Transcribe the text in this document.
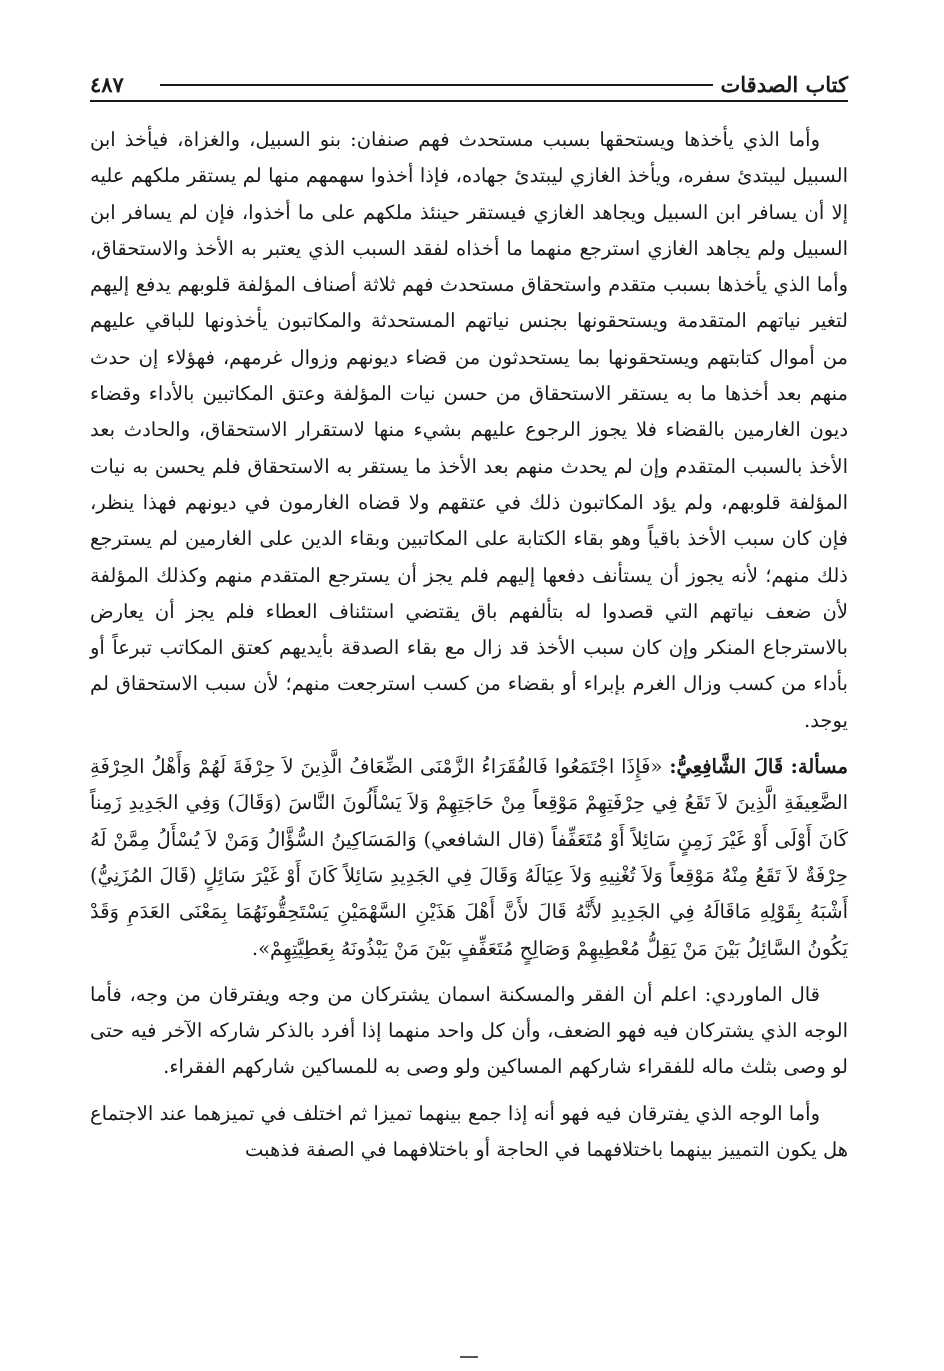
كتاب الصدقات
٤٨٧

وأما الذي يأخذها ويستحقها بسبب مستحدث فهم صنفان: بنو السبيل، والغزاة، فيأخذ ابن السبيل ليبتدئ سفره، ويأخذ الغازي ليبتدئ جهاده، فإذا أخذوا سهمهم منها لم يستقر ملكهم عليه إلا أن يسافر ابن السبيل ويجاهد الغازي فيستقر حينئذ ملكهم على ما أخذوا، فإن لم يسافر ابن السبيل ولم يجاهد الغازي استرجع منهما ما أخذاه لفقد السبب الذي يعتبر به الأخذ والاستحقاق، وأما الذي يأخذها بسبب متقدم واستحقاق مستحدث فهم ثلاثة أصناف المؤلفة قلوبهم يدفع إليهم لتغير نياتهم المتقدمة ويستحقونها بجنس نياتهم المستحدثة والمكاتبون يأخذونها للباقي عليهم من أموال كتابتهم ويستحقونها بما يستحدثون من قضاء ديونهم وزوال غرمهم، فهؤلاء إن حدث منهم بعد أخذها ما به يستقر الاستحقاق من حسن نيات المؤلفة وعتق المكاتبين بالأداء وقضاء ديون الغارمين بالقضاء فلا يجوز الرجوع عليهم بشيء منها لاستقرار الاستحقاق، والحادث بعد الأخذ بالسبب المتقدم وإن لم يحدث منهم بعد الأخذ ما يستقر به الاستحقاق فلم يحسن به نيات المؤلفة قلوبهم، ولم يؤد المكاتبون ذلك في عتقهم ولا قضاه الغارمون في ديونهم فهذا ينظر، فإن كان سبب الأخذ باقياً وهو بقاء الكتابة على المكاتبين وبقاء الدين على الغارمين لم يسترجع ذلك منهم؛ لأنه يجوز أن يستأنف دفعها إليهم فلم يجز أن يسترجع المتقدم منهم وكذلك المؤلفة لأن ضعف نياتهم التي قصدوا له بتألفهم باق يقتضي استئناف العطاء فلم يجز أن يعارض بالاسترجاع المنكر وإن كان سبب الأخذ قد زال مع بقاء الصدقة بأيديهم كعتق المكاتب تبرعاً أو بأداء من كسب وزال الغرم بإبراء أو بقضاء من كسب استرجعت منهم؛ لأن سبب الاستحقاق لم يوجد.

مسألة: قَالَ الشَّافِعِيُّ: «فَإِذَا اجْتَمَعُوا فَالفُقَرَاءُ الزَّمْنَى الضِّعَافُ الَّذِينَ لاَ حِرْفَةَ لَهُمْ وَأَهْلُ الحِرْفَةِ الضَّعِيفَةِ الَّذِينَ لاَ تَقَعُ فِي حِرْفَتِهِمْ مَوْقِعاً مِنْ حَاجَتِهِمْ وَلاَ يَسْأَلُونَ النَّاسَ (وَقَالَ) وَفِي الجَدِيدِ زَمِناً كَانَ أَوْلَى أَوْ غَيْرَ زَمِنٍ سَائِلاً أَوْ مُتَعَفِّفاً (قال الشافعي) وَالمَسَاكِينُ السُّؤَّالُ وَمَنْ لاَ يُسْأَلُ مِمَّنْ لَهُ حِرْفَةٌ لاَ تَقَعُ مِنْهُ مَوْقِعاً وَلاَ تُغْنِيهِ وَلاَ عِيَالَهُ وَقَالَ فِي الجَدِيدِ سَائِلاً كَانَ أَوْ غَيْرَ سَائِلٍ (قَالَ المُزَنِيُّ) أَشْبَهُ بِقَوْلِهِ مَاقَالَهُ فِي الجَدِيدِ لأَنَّهُ قَالَ لأَنَّ أَهْلَ هَذَيْنِ السَّهْمَيْنِ يَسْتَحِقُّونَهُمَا بِمَعْنَى العَدَمِ وَقَدْ يَكُونُ السَّائِلُ بَيْنَ مَنْ يَقِلُّ مُعْطِيهِمْ وَصَالِحٍ مُتَعَفِّفٍ بَيْنَ مَنْ يَبْذُونَهُ بِعَطِيَّتِهِمْ».

قال الماوردي: اعلم أن الفقر والمسكنة اسمان يشتركان من وجه ويفترقان من وجه، فأما الوجه الذي يشتركان فيه فهو الضعف، وأن كل واحد منهما إذا أفرد بالذكر شاركه الآخر فيه حتى لو وصى بثلث ماله للفقراء شاركهم المساكين ولو وصى به للمساكين شاركهم الفقراء.

وأما الوجه الذي يفترقان فيه فهو أنه إذا جمع بينهما تميزا ثم اختلف في تميزهما عند الاجتماع هل يكون التمييز بينهما باختلافهما في الحاجة أو باختلافهما في الصفة فذهبت
